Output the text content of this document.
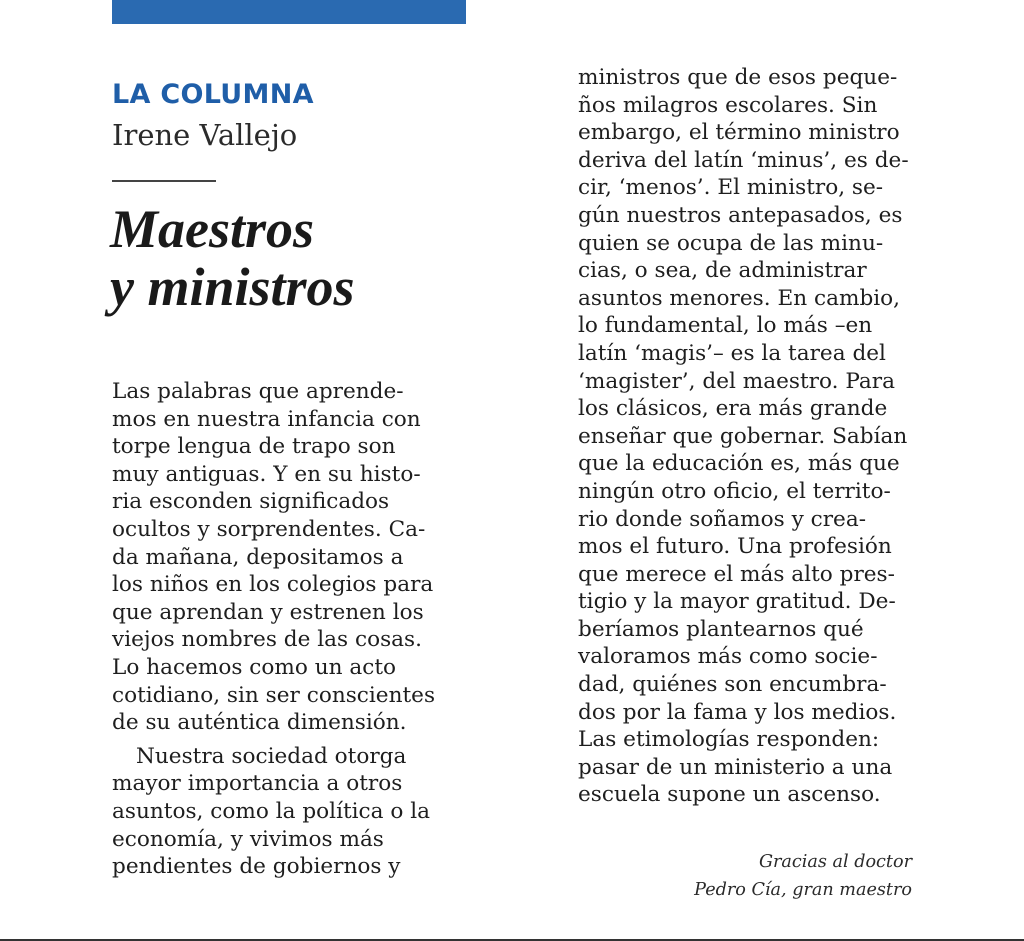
LA COLUMNA
Irene Vallejo
Maestros
y ministros
Las palabras que aprende-
mos en nuestra infancia con
torpe lengua de trapo son
muy antiguas. Y en su histo-
ria esconden significados
ocultos y sorprendentes. Ca-
da mañana, depositamos a
los niños en los colegios para
que aprendan y estrenen los
viejos nombres de las cosas.
Lo hacemos como un acto
cotidiano, sin ser conscientes
de su auténtica dimensión.
Nuestra sociedad otorga
mayor importancia a otros
asuntos, como la política o la
economía, y vivimos más
pendientes de gobiernos y
ministros que de esos peque-
ños milagros escolares. Sin
embargo, el término ministro
deriva del latín ‘minus’, es de-
cir, ‘menos’. El ministro, se-
gún nuestros antepasados, es
quien se ocupa de las minu-
cias, o sea, de administrar
asuntos menores. En cambio,
lo fundamental, lo más –en
latín ‘magis’– es la tarea del
‘magister’, del maestro. Para
los clásicos, era más grande
enseñar que gobernar. Sabían
que la educación es, más que
ningún otro oficio, el territo-
rio donde soñamos y crea-
mos el futuro. Una profesión
que merece el más alto pres-
tigio y la mayor gratitud. De-
beríamos plantearnos qué
valoramos más como socie-
dad, quiénes son encumbra-
dos por la fama y los medios.
Las etimologías responden:
pasar de un ministerio a una
escuela supone un ascenso.
Gracias al doctor
Pedro Cía, gran maestro
